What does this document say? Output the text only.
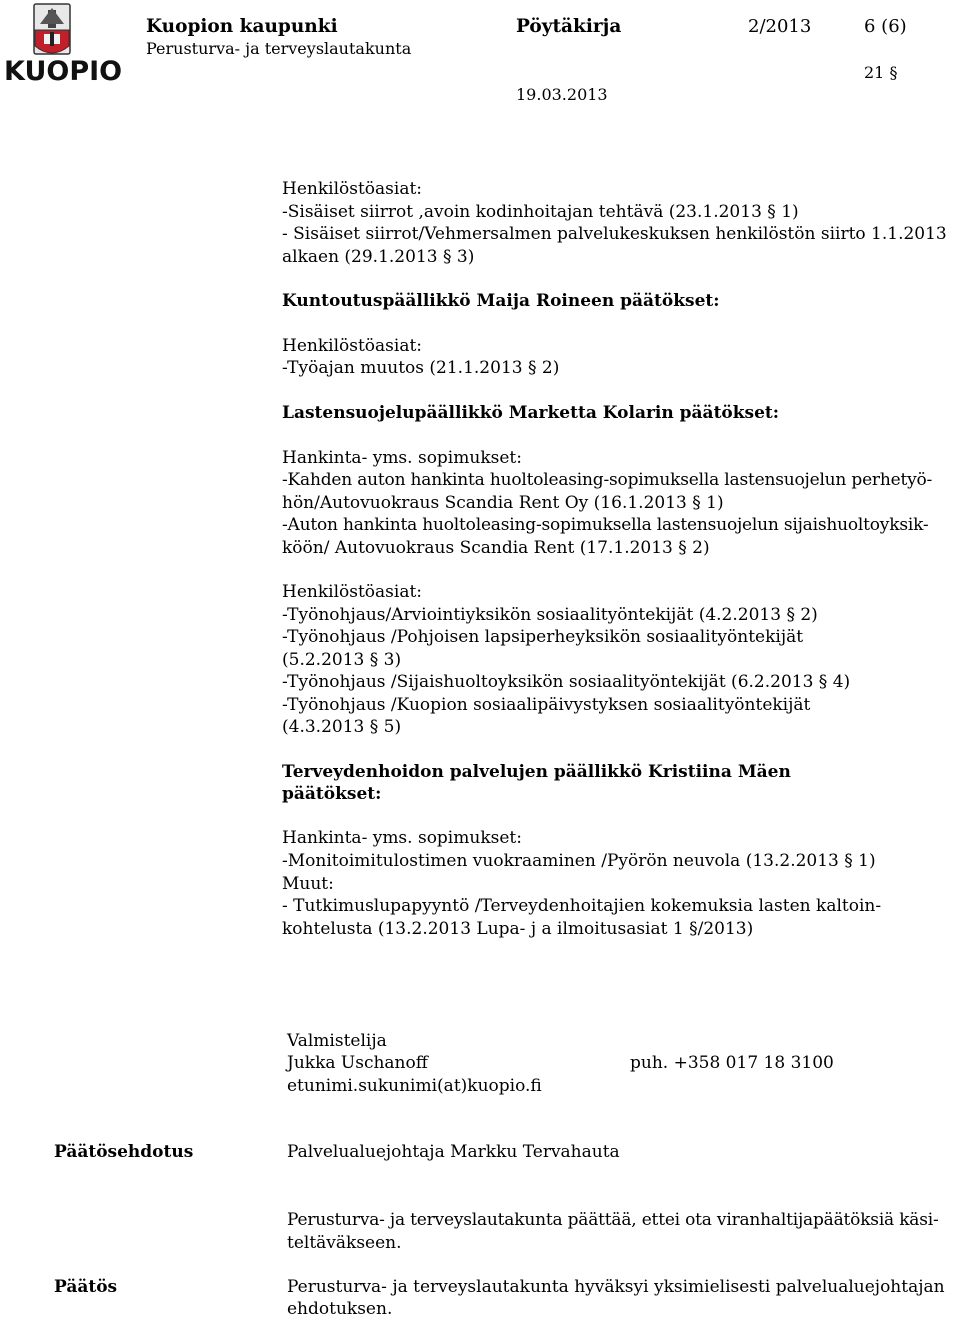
KUOPIO
Kuopion kaupunki
Perusturva- ja terveyslautakunta
Pöytäkirja	2/2013	6 (6)
21 §
19.03.2013
Henkilöstöasiat:
-Sisäiset siirrot ,avoin kodinhoitajan tehtävä (23.1.2013 § 1)
- Sisäiset siirrot/Vehmersalmen palvelukeskuksen henkilöstön siirto 1.1.2013
alkaen (29.1.2013 § 3)
Kuntoutuspäällikkö Maija Roineen päätökset:
Henkilöstöasiat:
-Työajan muutos (21.1.2013 § 2)
Lastensuojelupäällikkö Marketta Kolarin päätökset:
Hankinta- yms. sopimukset:
-Kahden auton hankinta huoltoleasing-sopimuksella lastensuojelun perhetyö-
hön/Autovuokraus Scandia Rent Oy (16.1.2013 § 1)
-Auton hankinta huoltoleasing-sopimuksella lastensuojelun sijaishuoltoyksik-
köön/ Autovuokraus Scandia Rent (17.1.2013 § 2)
Henkilöstöasiat:
-Työnohjaus/Arviointiyksikön sosiaalityöntekijät (4.2.2013 § 2)
-Työnohjaus /Pohjoisen lapsiperheyksikön sosiaalityöntekijät
(5.2.2013 § 3)
-Työnohjaus /Sijaishuoltoyksikön sosiaalityöntekijät (6.2.2013 § 4)
-Työnohjaus /Kuopion sosiaalipäivystyksen sosiaalityöntekijät
(4.3.2013 § 5)
Terveydenhoidon palvelujen päällikkö Kristiina Mäen
päätökset:
Hankinta- yms. sopimukset:
-Monitoimitulostimen vuokraaminen /Pyörön neuvola (13.2.2013 § 1)
Muut:
- Tutkimuslupapyyntö /Terveydenhoitajien kokemuksia lasten kaltoin-
kohtelusta (13.2.2013 Lupa- j a ilmoitusasiat 1 §/2013)
Valmistelija
Jukka Uschanoff	puh. +358 017 18 3100
etunimi.sukunimi(at)kuopio.fi
Päätösehdotus	Palvelualuejohtaja Markku Tervahauta
Perusturva- ja terveyslautakunta päättää, ettei ota viranhaltijapäätöksiä käsi-
teltäväkseen.
Päätös	Perusturva- ja terveyslautakunta hyväksyi yksimielisesti palvelualuejohtajan
ehdotuksen.
